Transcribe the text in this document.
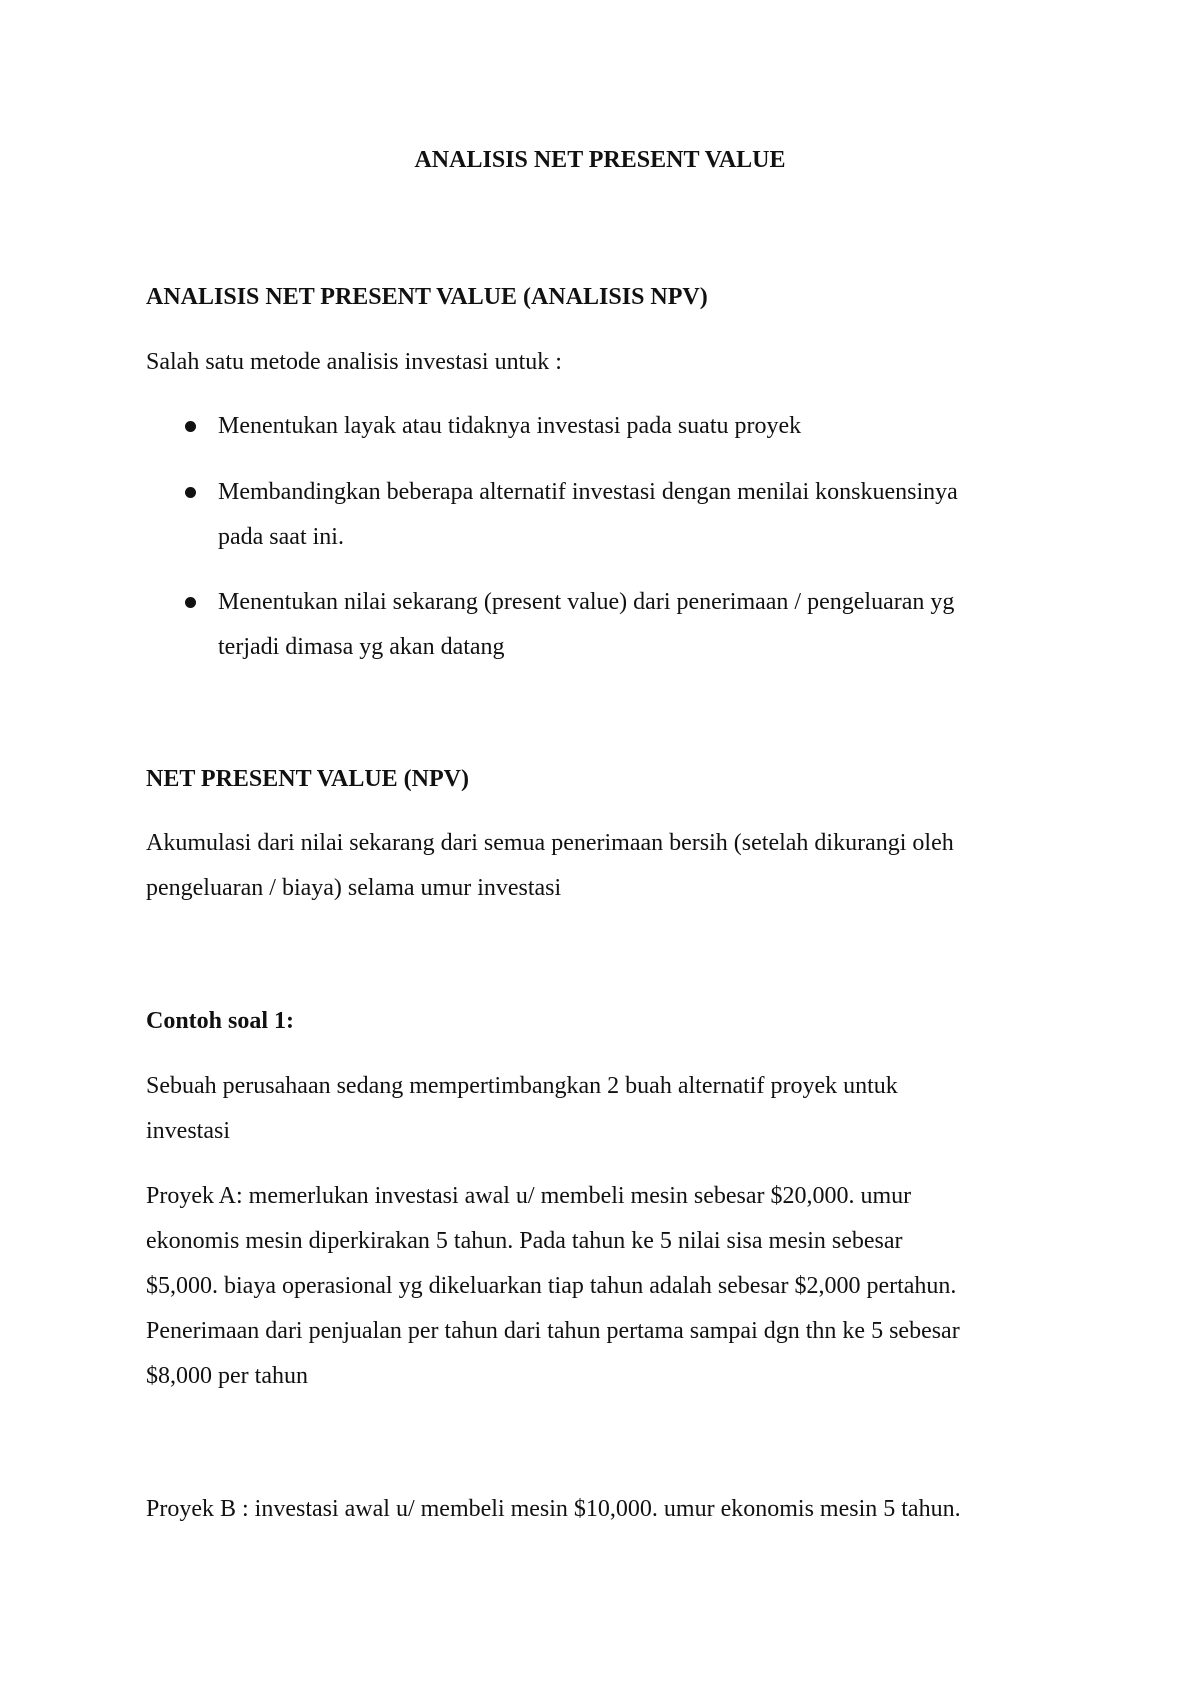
ANALISIS NET PRESENT VALUE
ANALISIS NET PRESENT VALUE (ANALISIS NPV)
Salah satu metode analisis investasi untuk :
Menentukan layak atau tidaknya investasi pada suatu proyek
Membandingkan beberapa alternatif investasi dengan menilai konskuensinya
pada saat ini.
Menentukan nilai sekarang (present value) dari penerimaan / pengeluaran yg
terjadi dimasa yg akan datang
NET PRESENT VALUE (NPV)
Akumulasi dari nilai sekarang dari semua penerimaan bersih (setelah dikurangi oleh
pengeluaran / biaya) selama umur investasi
Contoh soal 1:
Sebuah perusahaan sedang mempertimbangkan 2 buah alternatif proyek untuk
investasi
Proyek A: memerlukan investasi awal u/ membeli mesin sebesar $20,000. umur
ekonomis mesin diperkirakan 5 tahun. Pada tahun ke 5 nilai sisa mesin sebesar
$5,000. biaya operasional yg dikeluarkan tiap tahun adalah sebesar $2,000 pertahun.
Penerimaan dari penjualan per tahun dari tahun pertama sampai dgn thn ke 5 sebesar
$8,000 per tahun
Proyek B : investasi awal u/ membeli mesin $10,000. umur ekonomis mesin 5 tahun.
